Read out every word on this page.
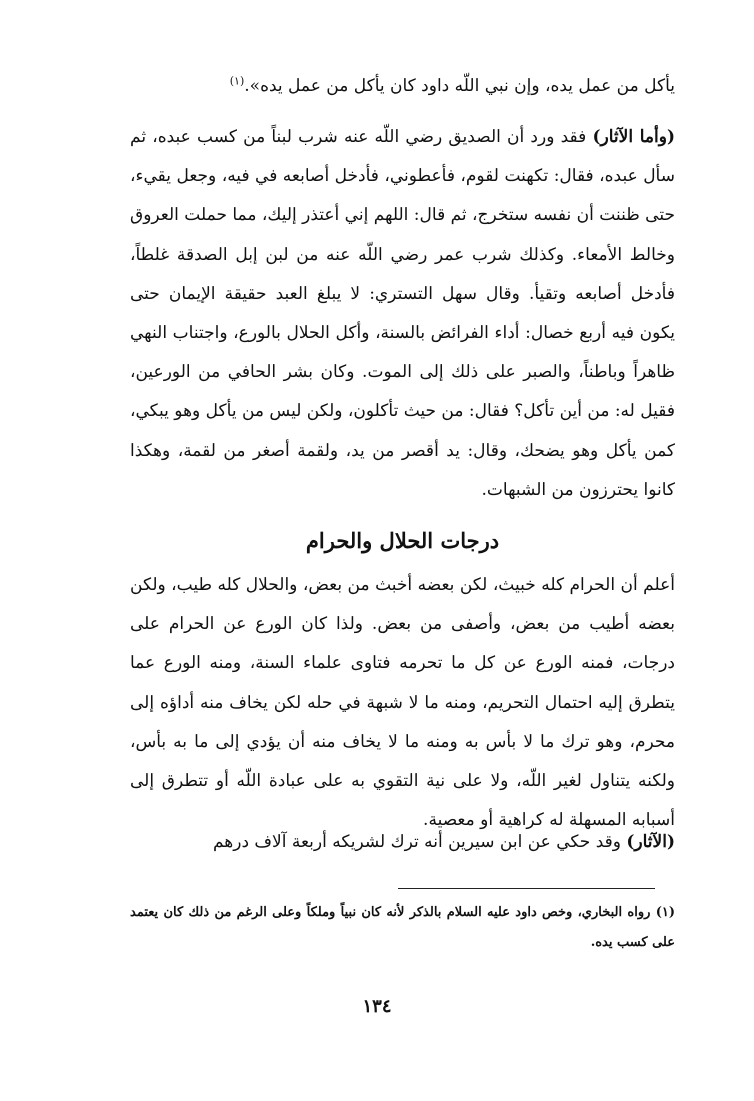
يأكل من عمل يده، وإن نبي اللّه داود كان يأكل من عمل يده».$^{(١)}$

(وأما الآثار) فقد ورد أن الصديق رضي اللّه عنه شرب لبناً من كسب عبده، ثم سأل عبده، فقال: تكهنت لقوم، فأعطوني، فأدخل أصابعه في فيه، وجعل يقيء، حتى ظننت أن نفسه ستخرج، ثم قال: اللهم إني أعتذر إليك، مما حملت العروق وخالط الأمعاء. وكذلك شرب عمر رضي اللّه عنه من لبن إبل الصدقة غلطاً، فأدخل أصابعه وتقيأ. وقال سهل التستري: لا يبلغ العبد حقيقة الإيمان حتى يكون فيه أربع خصال: أداء الفرائض بالسنة، وأكل الحلال بالورع، واجتناب النهي ظاهراً وباطناً، والصبر على ذلك إلى الموت. وكان بشر الحافي من الورعين، فقيل له: من أين تأكل؟ فقال: من حيث تأكلون، ولكن ليس من يأكل وهو يبكي، كمن يأكل وهو يضحك، وقال: يد أقصر من يد، ولقمة أصغر من لقمة، وهكذا كانوا يحترزون من الشبهات.

درجات الحلال والحرام

أعلم أن الحرام كله خبيث، لكن بعضه أخبث من بعض، والحلال كله طيب، ولكن بعضه أطيب من بعض، وأصفى من بعض. ولذا كان الورع عن الحرام على درجات، فمنه الورع عن كل ما تحرمه فتاوى علماء السنة، ومنه الورع عما يتطرق إليه احتمال التحريم، ومنه ما لا شبهة في حله لكن يخاف منه أداؤه إلى محرم، وهو ترك ما لا بأس به ومنه ما لا يخاف منه أن يؤدي إلى ما به بأس، ولكنه يتناول لغير اللّه، ولا على نية التقوي به على عبادة اللّه أو تتطرق إلى أسبابه المسهلة له كراهية أو معصية.

(الآثار) وقد حكي عن ابن سيرين أنه ترك لشريكه أربعة آلاف درهم

(١) رواه البخاري، وخص داود عليه السلام بالذكر لأنه كان نبياً وملكاً وعلى الرغم من ذلك كان يعتمد على كسب يده.

١٣٤
